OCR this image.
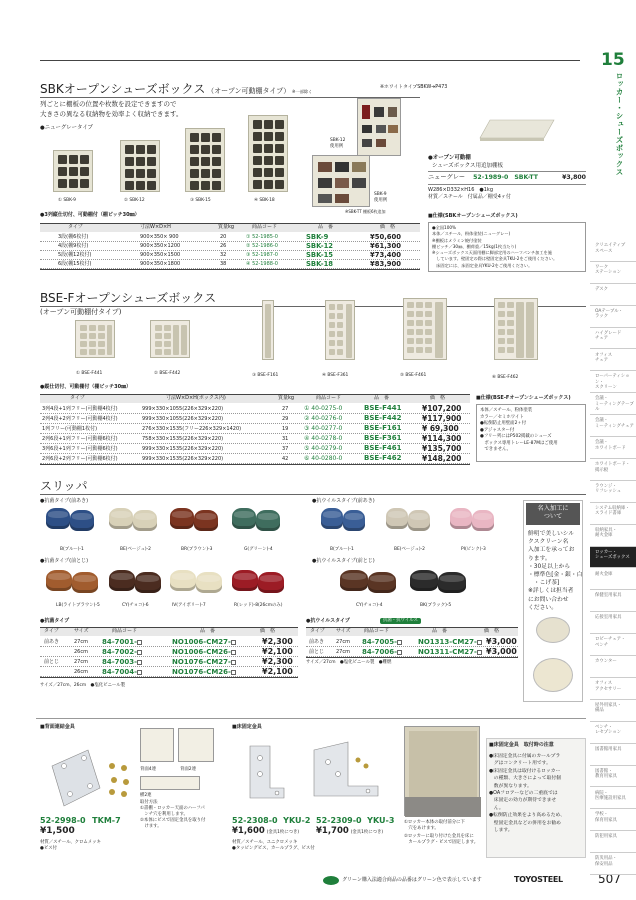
15
ロッカー・シューズボックス
SBKオープンシューズボックス （オープン可動棚タイプ） ※一部除く
※ホワイトタイプSBKW➔P473
列ごとに棚板の位置や枚数を設定できますので
大きさの異なる収納物を効率よく収納できます。
●ニューグレータイプ
① SBK-9	② SBK-12	③ SBK-15	④ SBK-18
SBK-12
使用例
SBK-9
使用例
※SBK-TT 棚板6枚追加
●オープン可動棚
シューズボックス用追加棚板
ニューグレー 52-1989-0 SBK-TT	¥3,800
W286×D332×H16　●1kg
材質／スチール　付属品／棚受4ヶ付
●3列縦仕切付、可動棚付（棚ピッチ30㎜）
タイプ	寸法W×D×H	質量kg	商品コード	品　番	価　格
3段(棚6枚付)	900×350× 900	20	① 52-1985-0	SBK-9	¥50,600
4段(棚9枚付)	900×350×1200	26	② 52-1986-0	SBK-12	¥61,300
5段(棚12枚付)	900×350×1500	32	③ 52-1987-0	SBK-15	¥73,400
6段(棚15枚付)	900×350×1800	38	④ 52-1988-0	SBK-18	¥83,900
■仕様(SBKオープンシューズボックス)
●全国100%
本体／スチール、粉体塗装(ニューグレー)
※棚板はメラミン焼付塗装
棚ピッチ／30㎜、棚荷重／15kg(1枚当たり)
※シューズボックス天面用棚に脚部定用のハーフパンチ加工を施
　しています。壁固定の際は壁固定金具TKU-2をご使用ください。
　床固定には、床固定金具YKU-2をご使用ください。
BSE-Fオープンシューズボックス
(オープン可動棚付タイプ)
① BSE-F441	② BSE-F442	③ BSE-F161	④ BSE-F361	⑤ BSE-F461	⑥ BSE-F462
●縦仕切付、可動棚付（棚ピッチ30㎜）
タイプ	寸法W×D×H(ボックス内)	質量kg	商品コード	品　番	価　格
3列4段+1列フリー(可動棚4枚付)	999×330×1055(226×329×220)	27	① 40-0275-0	BSE-F441	¥107,200
2列4段+2列フリー(可動棚4枚付)	999×330×1055(226×329×220)	29	② 40-0276-0	BSE-F442	¥117,900
1列フリー(可動棚1枚付)	276×330×1535(フリー226×329×1420)	19	③ 40-0277-0	BSE-F161	¥ 69,300
2列6段+1列フリー(可動棚6枚付)	758×330×1535(226×329×220)	31	④ 40-0278-0	BSE-F361	¥114,300
3列6段+1列フリー(可動棚6枚付)	999×330×1535(226×329×220)	37	⑤ 40-0279-0	BSE-F461	¥135,700
2列6段+2列フリー(可動棚6枚付)	999×330×1535(226×329×220)	42	⑥ 40-0280-0	BSE-F462	¥148,200
■仕様(BSE-Fオープンシューズボックス)
本体／スチール、粉体塗装
カラー／セミホワイト
●転倒防止用壁面2ヶ付
●アジャスター付
●フリー列にはP502掲載のシューズ
　ボックス専用トレーLE-87Mはご使用
　できません。
スリッパ
●抗菌タイプ(前あき)	●抗ウイルスタイプ(前あき)
B(ブルー)-1	BE(ベージュ)-2	BR(ブラウン)-3	G(グリーン)-4	B(ブルー)-1	BE(ベージュ)-2	PI(ピンク)-3
●抗菌タイプ(前とじ)	●抗ウイルスタイプ(前とじ)
LB(ライトブラウン)-5	CY(チョコ)-6	IV(アイボリー)-7	R(レッド)-8(26cmのみ)	CY(チョコ)-4	BK(ブラック)-5
名入加工に
ついて
鮮明で美しいシル
クスクリーン名
入加工を承ってお
ります。
・30足以上から
・標準色[金・銀・白
　・こげ茶]
※詳しくは担当者
にお問い合わせ
ください。
●抗菌タイプ
タイプ	サイズ	商品コード	品　番	価　格
前あき	27cm 84-7001-	NO1006-CM27-	¥2,300
26cm 84-7002-	NO1006-CM26-	¥2,100
前とじ	27cm 84-7003-	NO1076-CM27-	¥2,300
26cm 84-7004-	NO1076-CM26-	¥2,100
サイズ／27cm、26cm　●塩化ビニール製
●抗ウイルスタイプ	抗菌・抗ウイルス
タイプ サイズ	商品コード	品　番	価　格
前あき 27cm 84-7005-	NO1313-CM27-	¥3,000
前とじ 27cm 84-7006-	NO1311-CM27-	¥3,000
サイズ／27cm　●塩化ビニール製　●難燃
■背面連結金具
背面4連	背面2連
横2連
取付方法
①書棚・ロッカー天面のハーフパ
　ンチ穴を利用します。
②本体にビスで固定金具を取り付
　けます。
52-2998-0 TKM-7
¥1,500
材質／スチール、クロムメッキ
●ビス付
■床固定金具
52-2308-0 YKU-2
¥1,600 (金具1枚につき)
52-2309-0 YKU-3
¥1,700 (金具1枚につき)
材質／スチール、ユニクロメッキ
●タッピングビス、カールプラグ、ビス付
①ロッカー本体の取付前分に下
　穴をあけます。
②ロッカーに取り付けた金具を床に
　カールプラグ・ビスで固定します。
■床固定金具　取付時の注意
●床固定金具に付属のカールプラ
　グはコンクリート用です。
●床固定金具は取付けるロッカー
　の種類、大きさによって取付個
　数が異なります。
●OAフロアーなどの二重底では
　床固定の効力が期待できませ
　ん。
●転倒防止効果をより高めるため、
　壁固定金具などの併用をお勧め
　します。
グリーン購入法適合商品の品番はグリーン色で表示しています	TOYOSTEEL	507
クリエイティブ
スペース
ワーク
ステーション
デスク
OAテーブル・
ラック
ハイグレード
チェア
オフィス
チェア
ローパーティション・
スクリーン
会議・
ミーティングテーブル
会議・
ミーティングチェア
会議・
ホワイトボード
ホワイトボード・
掲示板
ラウンジ・
リフレッシュ
システム収納庫・
スライド書庫
収納家具・
耐火金庫
ロッカー・
シューズボックス
耐火金庫
保健室用家具
応接室用家具
ロビーチェア・
ベンチ
カウンター
オフィス
アクセサリー
屋外用家具・
備品
ベンチ・
レセプション
図書館用家具
図書館・
教育用家具
病院・
医療施設用家具
学校・
保育用家具
防犯用家具
防災用品・
保安用品
